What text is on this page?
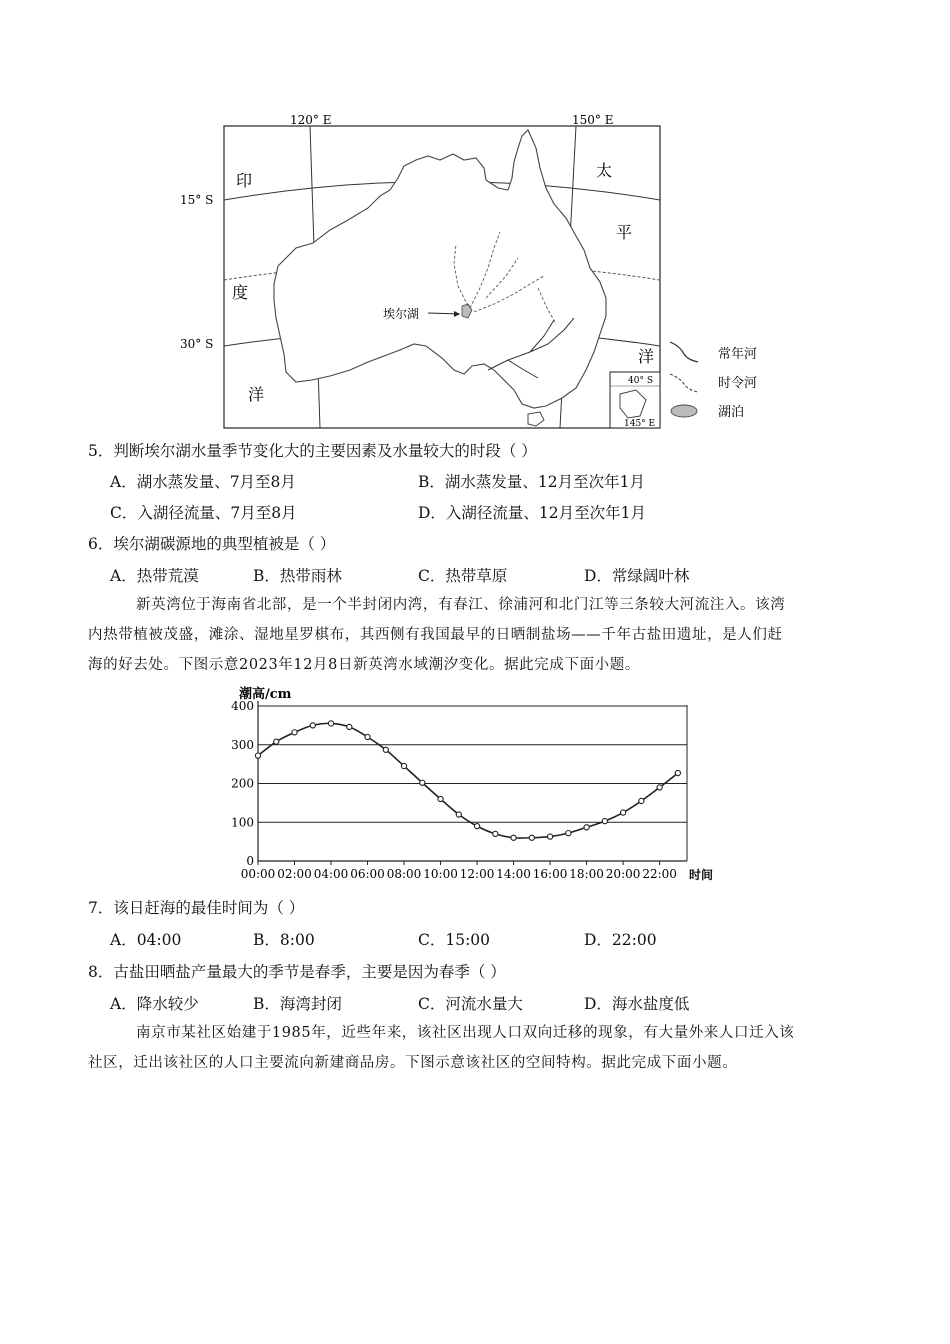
120° E	150° E
15° S
30° S
印
度
洋
太
平
洋
埃尔湖
40° S
145° E
常年河
时令河
湖泊
5．判断埃尔湖水量季节变化大的主要因素及水量较大的时段（ ）
A．湖水蒸发量、7月至8月	B．湖水蒸发量、12月至次年1月
C．入湖径流量、7月至8月	D．入湖径流量、12月至次年1月
6．埃尔湖碳源地的典型植被是（ ）
A．热带荒漠	B．热带雨林	C．热带草原	D．常绿阔叶林
新英湾位于海南省北部，是一个半封闭内湾，有春江、徐浦河和北门江等三条较大河流注入。该湾
内热带植被茂盛，滩涂、湿地星罗棋布，其西侧有我国最早的日晒制盐场——千年古盐田遗址，是人们赶
海的好去处。下图示意2023年12月8日新英湾水域潮汐变化。据此完成下面小题。
潮高/cm
0
100
200
300
400
00:00 02:00 04:00 06:00 08:00 10:00 12:00 14:00 16:00 18:00 20:00 22:00 时间
7．该日赶海的最佳时间为（ ）
A．04:00	B．8:00	C．15:00	D．22:00
8．古盐田晒盐产量最大的季节是春季，主要是因为春季（ ）
A．降水较少	B．海湾封闭	C．河流水量大	D．海水盐度低
南京市某社区始建于1985年，近些年来，该社区出现人口双向迁移的现象，有大量外来人口迁入该
社区，迁出该社区的人口主要流向新建商品房。下图示意该社区的空间特构。据此完成下面小题。
